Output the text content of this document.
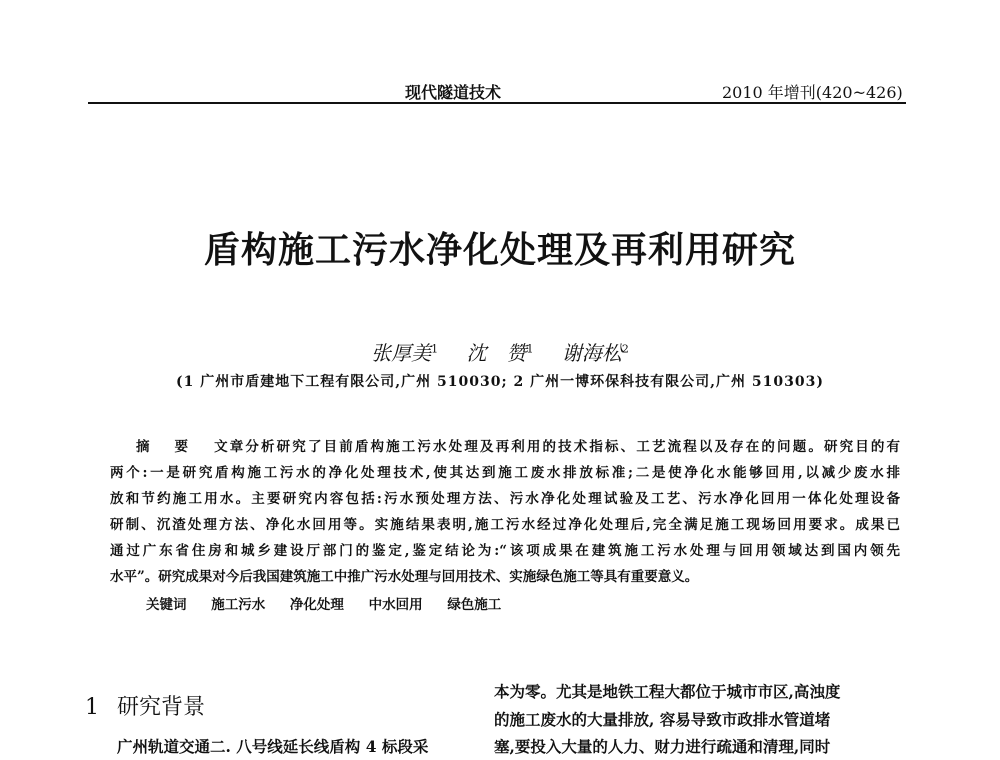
现代隧道技术	2010 年增刊(420~426)
盾构施工污水净化处理及再利用研究
张厚美$^1$ 沈　赞$^1$ 谢海松$^2$
(1 广州市盾建地下工程有限公司,广州 510030; 2 广州一博环保科技有限公司,广州 510303)
摘 要 文章分析研究了目前盾构施工污水处理及再利用的技术指标、工艺流程以及存在的问题。研究目的有
两个:一是研究盾构施工污水的净化处理技术,使其达到施工废水排放标准;二是使净化水能够回用,以减少废水排
放和节约施工用水。主要研究内容包括:污水预处理方法、污水净化处理试验及工艺、污水净化回用一体化处理设备
研制、沉渣处理方法、净化水回用等。实施结果表明,施工污水经过净化处理后,完全满足施工现场回用要求。成果已
通过广东省住房和城乡建设厅部门的鉴定,鉴定结论为:“该项成果在建筑施工污水处理与回用领域达到国内领先
水平”。研究成果对今后我国建筑施工中推广污水处理与回用技术、实施绿色施工等具有重要意义。
关键词 施工污水 净化处理 中水回用 绿色施工
1 研究背景
广州轨道交通二. 八号线延长线盾构 4 标段采
本为零。尤其是地铁工程大都位于城市市区,高浊度
的施工废水的大量排放, 容易导致市政排水管道堵
塞,要投入大量的人力、财力进行疏通和清理,同时
